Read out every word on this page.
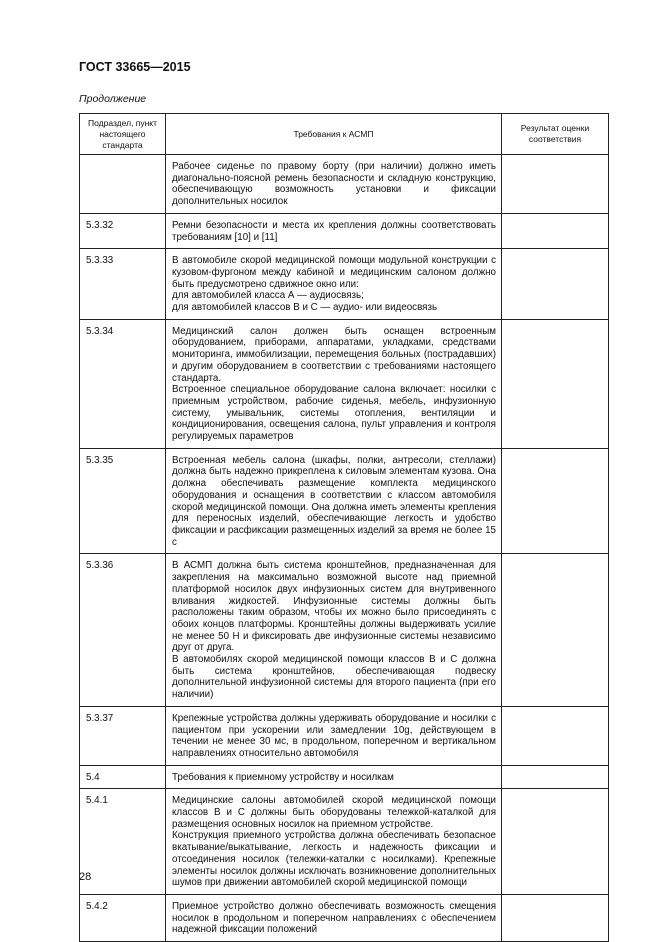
ГОСТ 33665—2015

Продолжение

Подраздел, пункт настоящего стандарта	Требования к АСМП	Результат оценки соответствия

	Рабочее сиденье по правому борту (при наличии) должно иметь диагонально-поясной ремень безопасности и складную конструкцию, обеспечивающую возможность установки и фиксации дополнительных носилок	

5.3.32	Ремни безопасности и места их крепления должны соответствовать требованиям [10] и [11]	

5.3.33	В автомобиле скорой медицинской помощи модульной конструкции с кузовом-фургоном между кабиной и медицинским салоном должно быть предусмотрено сдвижное окно или:

для автомобилей класса А — аудиосвязь;

для автомобилей классов В и С — аудио- или видеосвязь	

5.3.34	Медицинский салон должен быть оснащен встроенным оборудованием, приборами, аппаратами, укладками, средствами мониторинга, иммобилизации, перемещения больных (пострадавших) и другим оборудованием в соответствии с требованиями настоящего стандарта.

Встроенное специальное оборудование салона включает: носилки с приемным устройством, рабочие сиденья, мебель, инфузионную систему, умывальник, системы отопления, вентиляции и кондиционирования, освещения салона, пульт управления и контроля регулируемых параметров	

5.3.35	Встроенная мебель салона (шкафы, полки, антресоли, стеллажи) должна быть надежно прикреплена к силовым элементам кузова. Она должна обеспечивать размещение комплекта медицинского оборудования и оснащения в соответствии с классом автомобиля скорой медицинской помощи. Она должна иметь элементы крепления для переносных изделий, обеспечивающие легкость и удобство фиксации и расфиксации размещенных изделий за время не более 15 с	

5.3.36	В АСМП должна быть система кронштейнов, предназначенная для закрепления на максимально возможной высоте над приемной платформой носилок двух инфузионных систем для внутривенного вливания жидкостей. Инфузионные системы должны быть расположены таким образом, чтобы их можно было присоединять с обоих концов платформы. Кронштейны должны выдерживать усилие не менее 50 Н и фиксировать две инфузионные системы независимо друг от друга.

В автомобилях скорой медицинской помощи классов В и С должна быть система кронштейнов, обеспечивающая подвеску дополнительной инфузионной системы для второго пациента (при его наличии)	

5.3.37	Крепежные устройства должны удерживать оборудование и носилки с пациентом при ускорении или замедлении 10g, действующем в течении не менее 30 мс, в продольном, поперечном и вертикальном направлениях относительно автомобиля	

5.4	Требования к приемному устройству и носилкам	

5.4.1	Медицинские салоны автомобилей скорой медицинской помощи классов В и С должны быть оборудованы тележкой-каталкой для размещения основных носилок на приемном устройстве.

Конструкция приемного устройства должна обеспечивать безопасное вкатывание/выкатывание, легкость и надежность фиксации и отсоединения носилок (тележки-каталки с носилками). Крепежные элементы носилок должны исключать возникновение дополнительных шумов при движении автомобилей скорой медицинской помощи	

5.4.2	Приемное устройство должно обеспечивать возможность смещения носилок в продольном и поперечном направлениях с обеспечением надежной фиксации положений	

28
